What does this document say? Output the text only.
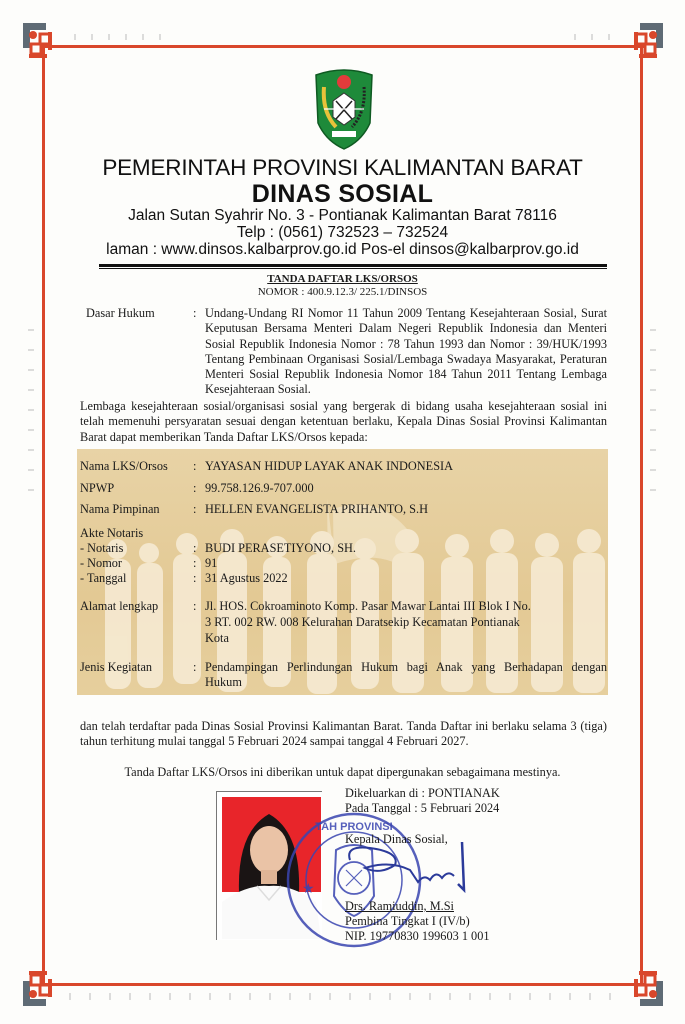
PEMERINTAH PROVINSI KALIMANTAN BARAT
DINAS SOSIAL
Jalan Sutan Syahrir No. 3 - Pontianak Kalimantan Barat 78116
Telp : (0561) 732523 – 732524
laman : www.dinsos.kalbarprov.go.id Pos-el dinsos@kalbarprov.go.id
TANDA DAFTAR LKS/ORSOS
NOMOR : 400.9.12.3/ 225.1/DINSOS
Dasar Hukum	: Undang-Undang RI Nomor 11 Tahun 2009 Tentang Kesejahteraan Sosial, Surat Keputusan Bersama Menteri Dalam Negeri Republik Indonesia dan Menteri Sosial Republik Indonesia Nomor : 78 Tahun 1993 dan Nomor : 39/HUK/1993 Tentang Pembinaan Organisasi Sosial/Lembaga Swadaya Masyarakat, Peraturan Menteri Sosial Republik Indonesia Nomor 184 Tahun 2011 Tentang Lembaga Kesejahteraan Sosial.
Lembaga kesejahteraan sosial/organisasi sosial yang bergerak di bidang usaha kesejahteraan sosial ini telah memenuhi persyaratan sesuai dengan ketentuan berlaku, Kepala Dinas Sosial Provinsi Kalimantan Barat dapat memberikan Tanda Daftar LKS/Orsos kepada:
Nama LKS/Orsos : YAYASAN HIDUP LAYAK ANAK INDONESIA
NPWP	: 99.758.126.9-707.000
Nama Pimpinan	: HELLEN EVANGELISTA PRIHANTO, S.H
Akte Notaris
- Notaris	: BUDI PERASETIYONO, SH.
- Nomor	: 91
- Tanggal	: 31 Agustus 2022
Alamat lengkap	: Jl. HOS. Cokroaminoto Komp. Pasar Mawar Lantai III Blok I No.
3 RT. 002 RW. 008 Kelurahan Daratsekip Kecamatan Pontianak
Kota
Jenis Kegiatan	: Pendampingan Perlindungan Hukum bagi Anak yang Berhadapan dengan
Hukum
dan telah terdaftar pada Dinas Sosial Provinsi Kalimantan Barat. Tanda Daftar ini berlaku selama 3 (tiga) tahun terhitung mulai tanggal 5 Februari 2024 sampai tanggal 4 Februari 2027.
Tanda Daftar LKS/Orsos ini diberikan untuk dapat dipergunakan sebagaimana mestinya.
TAH PROVINSI
★
Dikeluarkan di : PONTIANAK
Pada Tanggal : 5 Februari 2024
Kepala Dinas Sosial,
Drs. Ramiuddin, M.Si
Pembina Tingkat I (IV/b)
NIP. 19770830 199603 1 001
